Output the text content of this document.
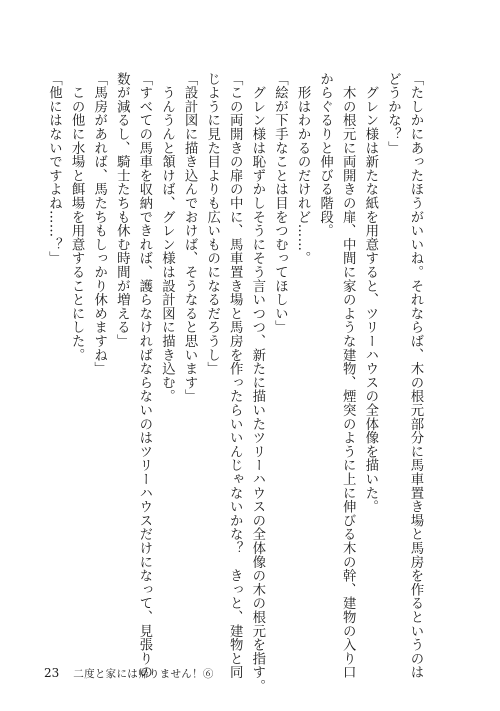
「たしかにあったほうがいいね。それならば、木の根元部分に馬車置き場と馬房を作るというのは
どうかな？」
　グレン様は新たな紙を用意すると、ツリーハウスの全体像を描いた。
　木の根元に両開きの扉、中間に家のような建物、煙突のように上に伸びる木の幹、建物の入り口
からぐるりと伸びる階段。
　形はわかるのだけれど……。
「絵が下手なことは目をつむってほしい」
　グレン様は恥ずかしそうにそう言いつつ、新たに描いたツリーハウスの全体像の木の根元を指す。
「この両開きの扉の中に、馬車置き場と馬房を作ったらいいんじゃないかな？　きっと、建物と同
じように見た目よりも広いものになるだろうし」
「設計図に描き込んでおけば、そうなると思います」
　うんうんと頷けば、グレン様は設計図に描き込む。
「すべての馬車を収納できれば、護らなければならないのはツリーハウスだけになって、見張りの
数が減るし、騎士たちも休む時間が増える」
「馬房があれば、馬たちもしっかり休めますね」
　この他に水場と餌場を用意することにした。
「他にはないですよね……？」
23 二度と家には帰りません！⑥
